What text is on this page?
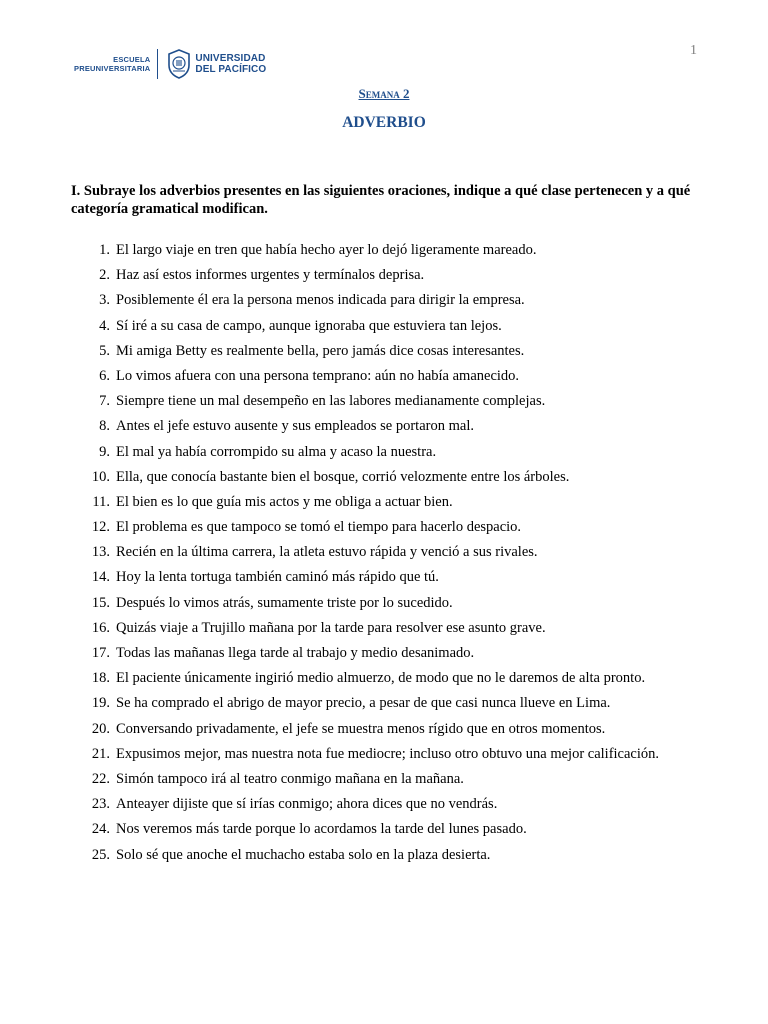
1
ESCUELA
PREUNIVERSITARIA
UNIVERSIDAD
DEL PACÍFICO
Semana 2
ADVERBIO
I. Subraye los adverbios presentes en las siguientes oraciones, indique a qué clase pertenecen y a qué categoría gramatical modifican.
1. El largo viaje en tren que había hecho ayer lo dejó ligeramente mareado.
2. Haz así estos informes urgentes y termínalos deprisa.
3. Posiblemente él era la persona menos indicada para dirigir la empresa.
4. Sí iré a su casa de campo, aunque ignoraba que estuviera tan lejos.
5. Mi amiga Betty es realmente bella, pero jamás dice cosas interesantes.
6. Lo vimos afuera con una persona temprano: aún no había amanecido.
7. Siempre tiene un mal desempeño en las labores medianamente complejas.
8. Antes el jefe estuvo ausente y sus empleados se portaron mal.
9. El mal ya había corrompido su alma y acaso la nuestra.
10. Ella, que conocía bastante bien el bosque, corrió velozmente entre los árboles.
11. El bien es lo que guía mis actos y me obliga a actuar bien.
12. El problema es que tampoco se tomó el tiempo para hacerlo despacio.
13. Recién en la última carrera, la atleta estuvo rápida y venció a sus rivales.
14. Hoy la lenta tortuga también caminó más rápido que tú.
15. Después lo vimos atrás, sumamente triste por lo sucedido.
16. Quizás viaje a Trujillo mañana por la tarde para resolver ese asunto grave.
17. Todas las mañanas llega tarde al trabajo y medio desanimado.
18. El paciente únicamente ingirió medio almuerzo, de modo que no le daremos de alta pronto.
19. Se ha comprado el abrigo de mayor precio, a pesar de que casi nunca llueve en Lima.
20. Conversando privadamente, el jefe se muestra menos rígido que en otros momentos.
21. Expusimos mejor, mas nuestra nota fue mediocre; incluso otro obtuvo una mejor calificación.
22. Simón tampoco irá al teatro conmigo mañana en la mañana.
23. Anteayer dijiste que sí irías conmigo; ahora dices que no vendrás.
24. Nos veremos más tarde porque lo acordamos la tarde del lunes pasado.
25. Solo sé que anoche el muchacho estaba solo en la plaza desierta.
